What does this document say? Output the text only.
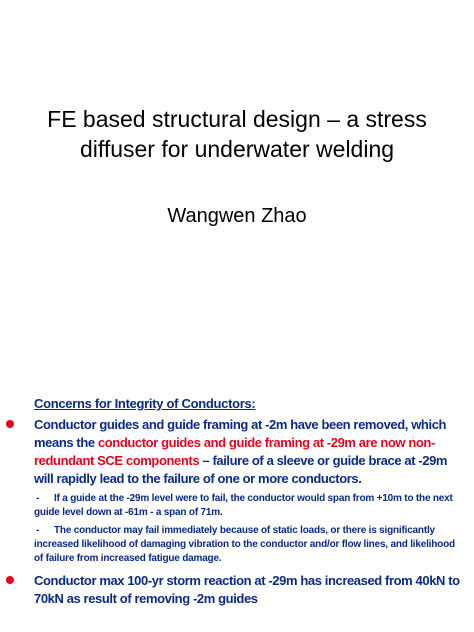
FE based structural design – a stress diffuser for underwater welding

Wangwen Zhao

Concerns for Integrity of Conductors:

Conductor guides and guide framing at -2m have been removed, which means the conductor guides and guide framing at -29m are now non-redundant SCE components – failure of a sleeve or guide brace at -29m will rapidly lead to the failure of one or more conductors.
- If a guide at the -29m level were to fail, the conductor would span from +10m to the next guide level down at -61m - a span of 71m.
- The conductor may fail immediately because of static loads, or there is significantly increased likelihood of damaging vibration to the conductor and/or flow lines, and likelihood of failure from increased fatigue damage.
Conductor max 100-yr storm reaction at -29m has increased from 40kN to 70kN as result of removing -2m guides
